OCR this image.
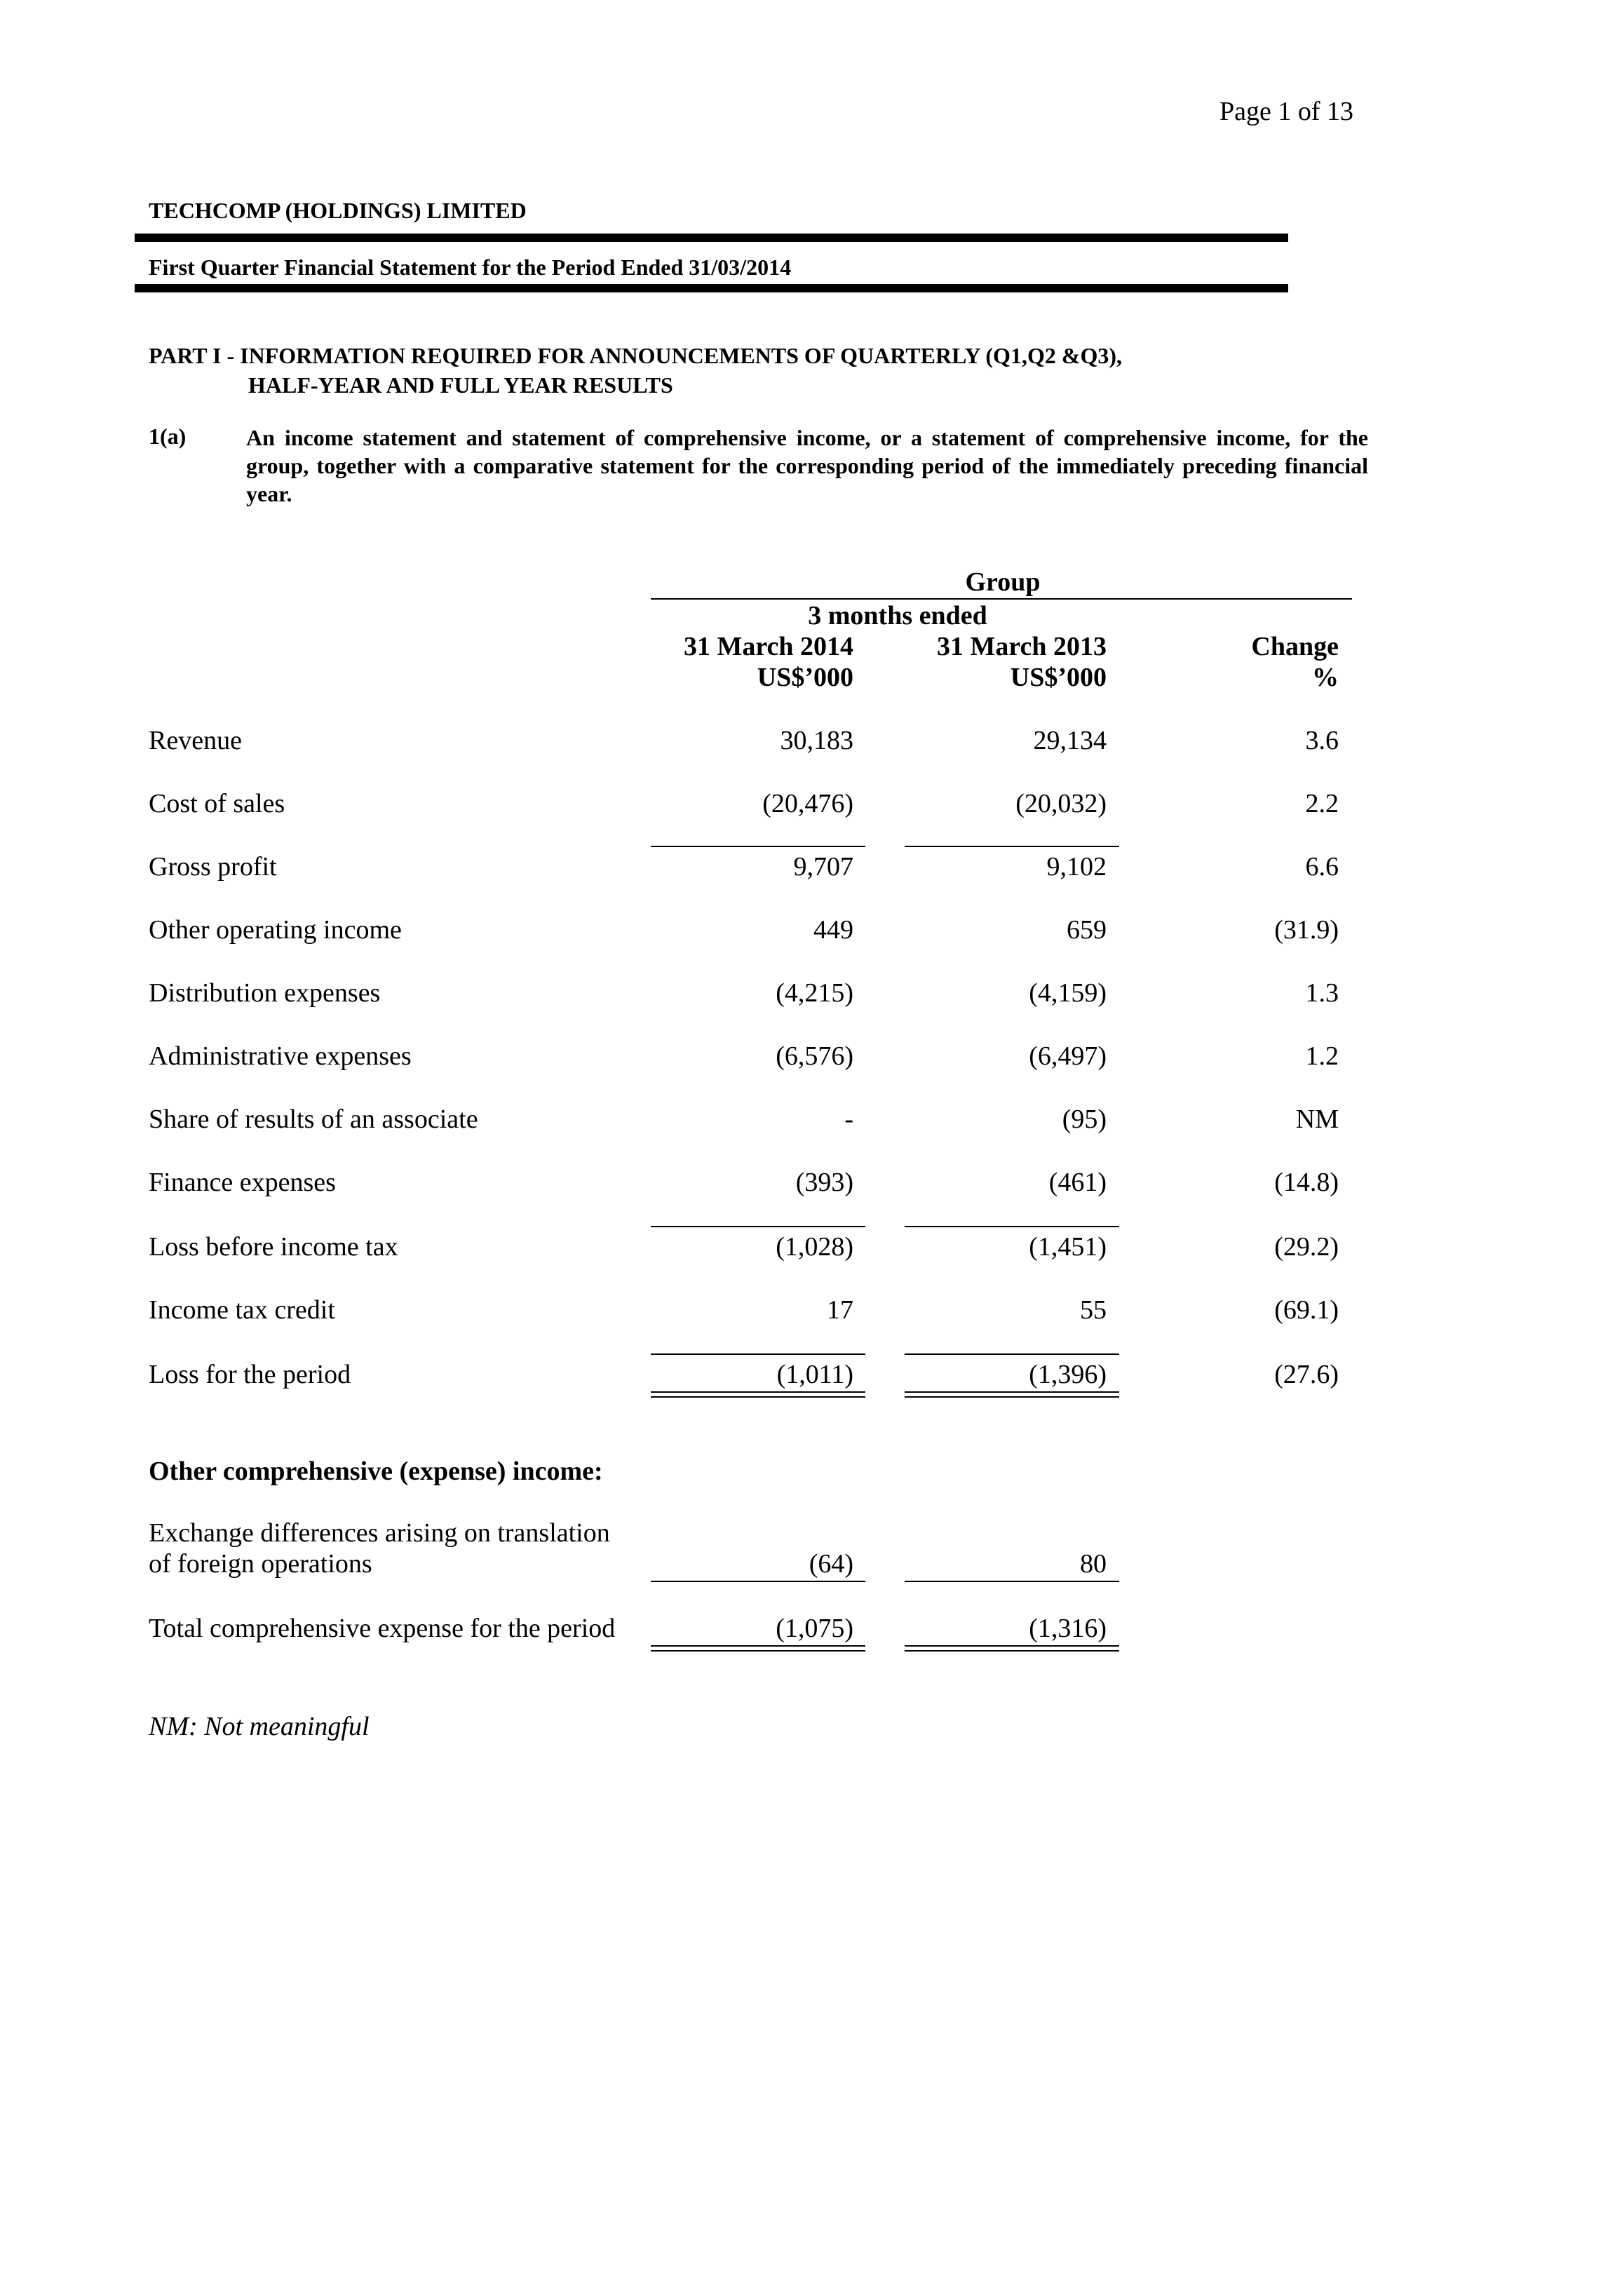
Page 1 of 13
TECHCOMP (HOLDINGS) LIMITED
First Quarter Financial Statement for the Period Ended 31/03/2014
PART I - INFORMATION REQUIRED FOR ANNOUNCEMENTS OF QUARTERLY (Q1,Q2 &Q3),
HALF-YEAR AND FULL YEAR RESULTS
1(a)	An income statement and statement of comprehensive income, or a statement of comprehensive income, for the group, together with a comparative statement for the corresponding period of the immediately preceding financial year.
Group
3 months ended
31 March 2014
US$’000
31 March 2013
US$’000
Change
%
Revenue	30,183	29,134	3.6
Cost of sales	(20,476)	(20,032)	2.2
Gross profit	9,707	9,102	6.6
Other operating income	449	659	(31.9)
Distribution expenses	(4,215)	(4,159)	1.3
Administrative expenses	(6,576)	(6,497)	1.2
Share of results of an associate	-	(95)	NM
Finance expenses	(393)	(461)	(14.8)
Loss before income tax	(1,028)	(1,451)	(29.2)
Income tax credit	17	55	(69.1)
Loss for the period	(1,011)	(1,396)	(27.6)
Other comprehensive (expense) income:
Exchange differences arising on translation
of foreign operations	(64)	80
Total comprehensive expense for the period	(1,075)	(1,316)
NM: Not meaningful
